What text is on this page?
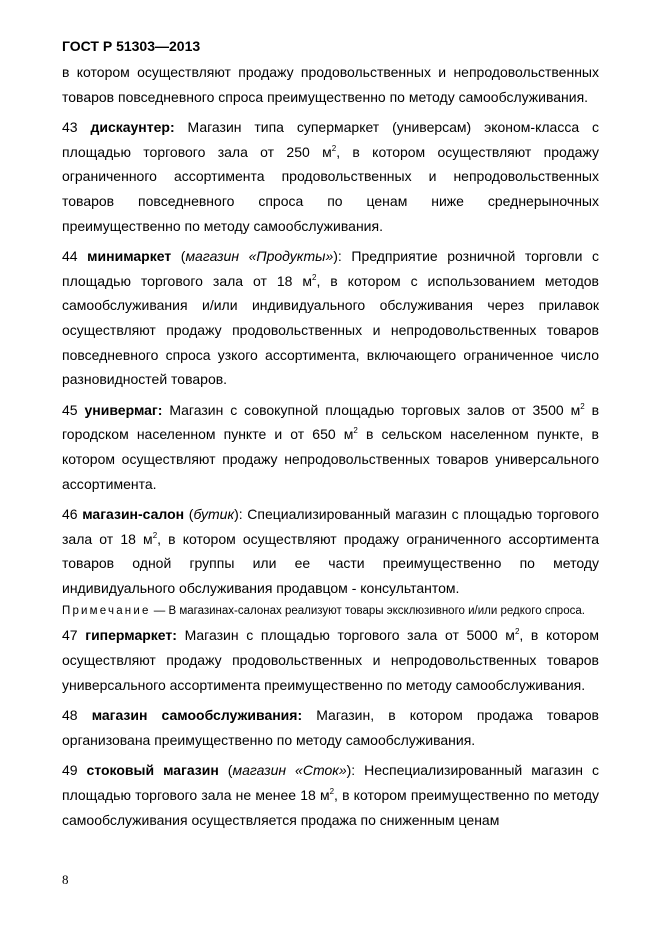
ГОСТ Р 51303—2013

в котором осуществляют продажу продовольственных и непродовольственных товаров повседневного спроса преимущественно по методу самообслуживания.

43 дискаунтер: Магазин типа супермаркет (универсам) эконом-класса с площадью торгового зала от 250 $м^2$, в котором осуществляют продажу ограниченного ассортимента продовольственных и непродовольственных товаров повседневного спроса по ценам ниже среднерыночных преимущественно по методу самообслуживания.

44 минимаркет (магазин «Продукты»): Предприятие розничной торговли с площадью торгового зала от 18 $м^2$, в котором с использованием методов самообслуживания и/или индивидуального обслуживания через прилавок осуществляют продажу продовольственных и непродовольственных товаров повседневного спроса узкого ассортимента, включающего ограниченное число разновидностей товаров.

45 универмаг: Магазин с совокупной площадью торговых залов от 3500 $м^2$ в городском населенном пункте и от 650 $м^2$ в сельском населенном пункте, в котором осуществляют продажу непродовольственных товаров универсального ассортимента.

46 магазин-салон (бутик): Специализированный магазин с площадью торгового зала от 18 $м^2$, в котором осуществляют продажу ограниченного ассортимента товаров одной группы или ее части преимущественно по методу индивидуального обслуживания продавцом - консультантом.

Примечание — В магазинах-салонах реализуют товары эксклюзивного и/или редкого спроса.

47 гипермаркет: Магазин с площадью торгового зала от 5000 $м^2$, в котором осуществляют продажу продовольственных и непродовольственных товаров универсального ассортимента преимущественно по методу самообслуживания.

48 магазин самообслуживания: Магазин, в котором продажа товаров организована преимущественно по методу самообслуживания.

49 стоковый магазин (магазин «Сток»): Неспециализированный магазин с площадью торгового зала не менее 18 $м^2$, в котором преимущественно по методу самообслуживания осуществляется продажа по сниженным ценам

8
